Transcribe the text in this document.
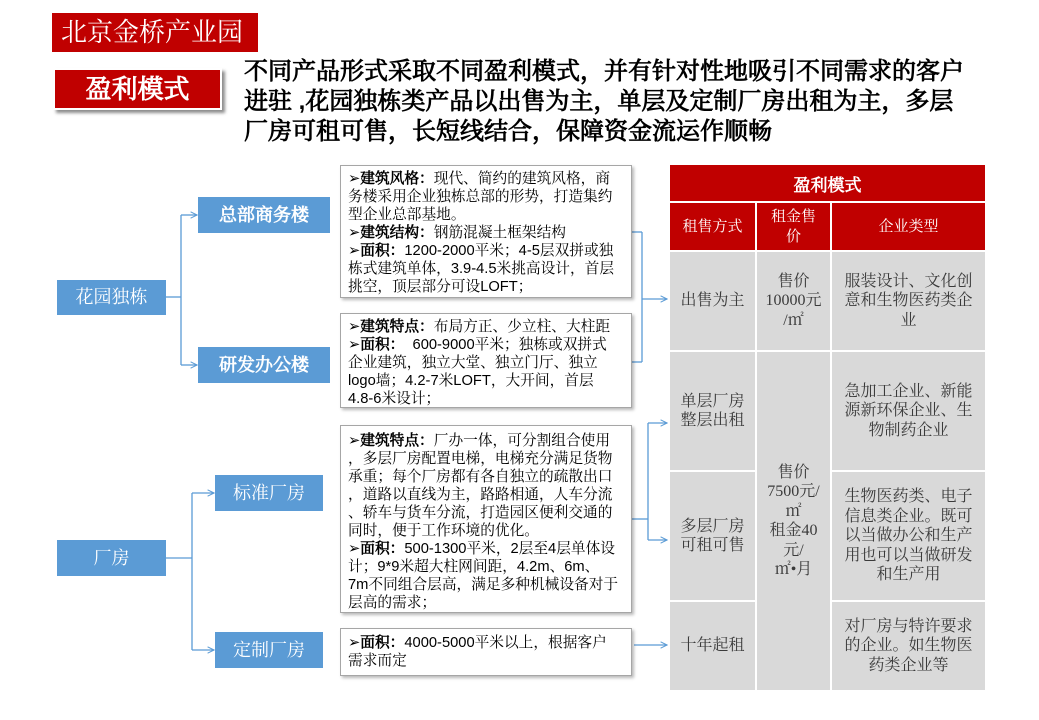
北京金桥产业园
盈利模式
不同产品形式采取不同盈利模式，并有针对性地吸引不同需求的客户
进驻 ,花园独栋类产品以出售为主，单层及定制厂房出租为主，多层
厂房可租可售，长短线结合，保障资金流运作顺畅
花园独栋
总部商务楼
研发办公楼
厂房
标准厂房
定制厂房
➢建筑风格：现代、简约的建筑风格，商
务楼采用企业独栋总部的形势，打造集约
型企业总部基地。
➢建筑结构：钢筋混凝土框架结构
➢面积：1200-2000平米；4-5层双拼或独
栋式建筑单体，3.9-4.5米挑高设计，首层
挑空，顶层部分可设LOFT；
➢建筑特点：布局方正、少立柱、大柱距
➢面积：  600-9000平米；独栋或双拼式
企业建筑，独立大堂、独立门厅、独立
logo墙；4.2-7米LOFT，大开间，首层
4.8-6米设计；
➢建筑特点：厂办一体，可分割组合使用
，多层厂房配置电梯，电梯充分满足货物
承重；每个厂房都有各自独立的疏散出口
，道路以直线为主，路路相通，人车分流
、轿车与货车分流，打造园区便利交通的
同时，便于工作环境的优化。
➢面积：500-1300平米，2层至4层单体设
计；9*9米超大柱网间距，4.2m、6m、
7m不同组合层高，满足多种机械设备对于
层高的需求；
➢面积：4000-5000平米以上，根据客户
需求而定
盈利模式
租售方式
租金售
价
企业类型
出售为主
售价
10000元
/㎡
服装设计、文化创
意和生物医药类企
业
单层厂房
整层出租
急加工企业、新能
源新环保企业、生
物制药企业
售价
7500元/
㎡
租金40
元/
㎡•月
多层厂房
可租可售
生物医药类、电子
信息类企业。既可
以当做办公和生产
用也可以当做研发
和生产用
十年起租
对厂房与特许要求
的企业。如生物医
药类企业等
